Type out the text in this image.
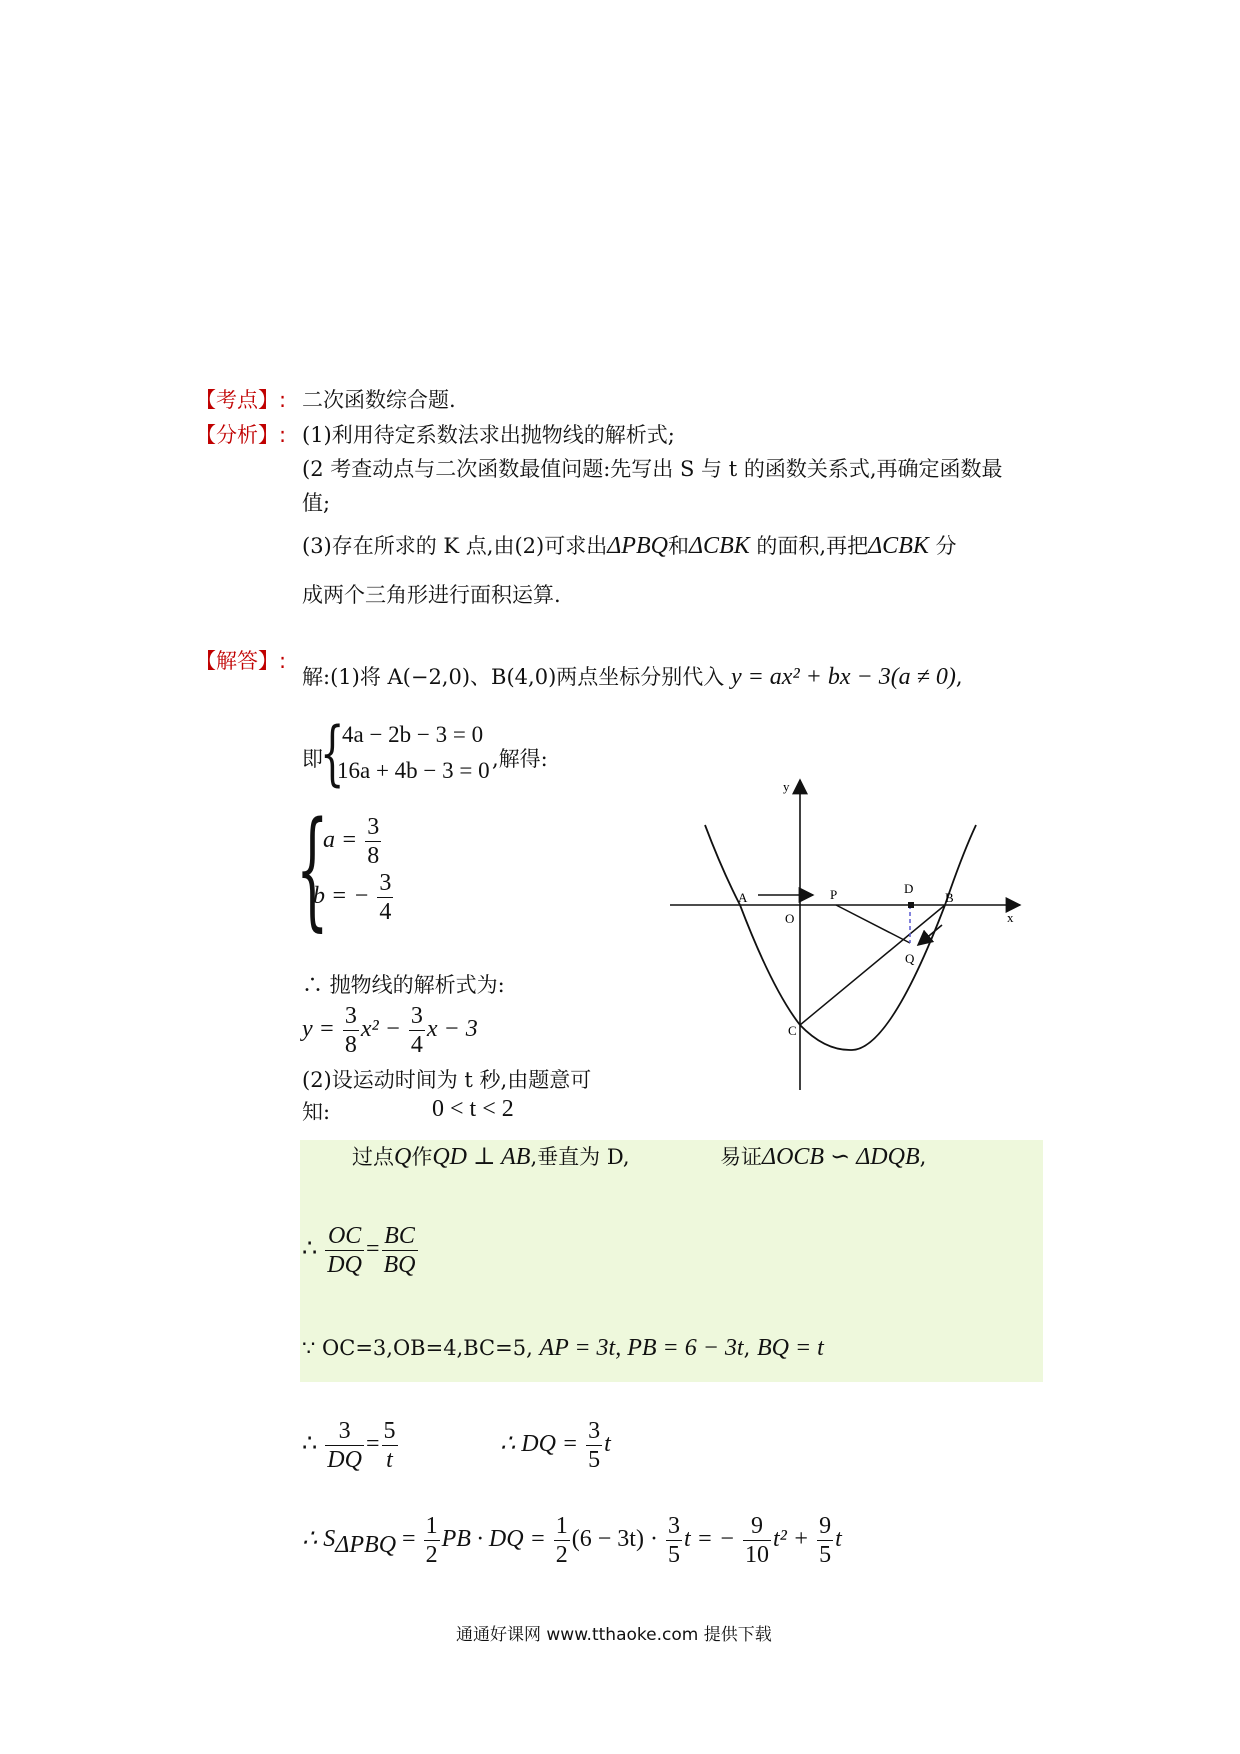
【考点】: 二次函数综合题.
【分析】: (1)利用待定系数法求出抛物线的解析式;
(2 考查动点与二次函数最值问题:先写出 S 与 t 的函数关系式,再确定函数最
值;
(3)存在所求的 K 点,由(2)可求出ΔPBQ和ΔCBK 的面积,再把ΔCBK 分
成两个三角形进行面积运算.
【解答】:
解:(1)将 A(−2,0)、B(4,0)两点坐标分别代入 y = ax² + bx − 3(a ≠ 0),
即
{
4a − 2b − 3 = 0
16a + 4b − 3 = 0 ,解得:
{
$a = \frac{3}{8}$
b = − $\frac{3}{4}$
∴ 抛物线的解析式为:
$y = \frac{3}{8} x^2 - \frac{3}{4}$ x − 3
(2)设运动时间为 t 秒,由题意可
知:	0 < t < 2
y
x
A
O
P	D
B
Q
C
过点Q作QD ⊥ AB,垂直为 D,	易证ΔOCB ∽ ΔDQB,
∴ $\frac{OC}{DQ} = \frac{BC}{BQ}$
∵ OC=3,OB=4,BC=5, AP = 3t, PB = 6 − 3t, BQ = t
∴ $\frac{3}{DQ} = \frac{5}{t}$	∴ DQ = $\frac{3}{5}$ t
∴ $S_{\Delta PBQ} = \frac{1}{2}$ PB · DQ = $\frac{1}{2} (6 - 3t) \cdot \frac{3}{5}$ t = − $\frac{9}{10} t^2 + \frac{9}{5}$ t
通通好课网 www.tthaoke.com 提供下载
